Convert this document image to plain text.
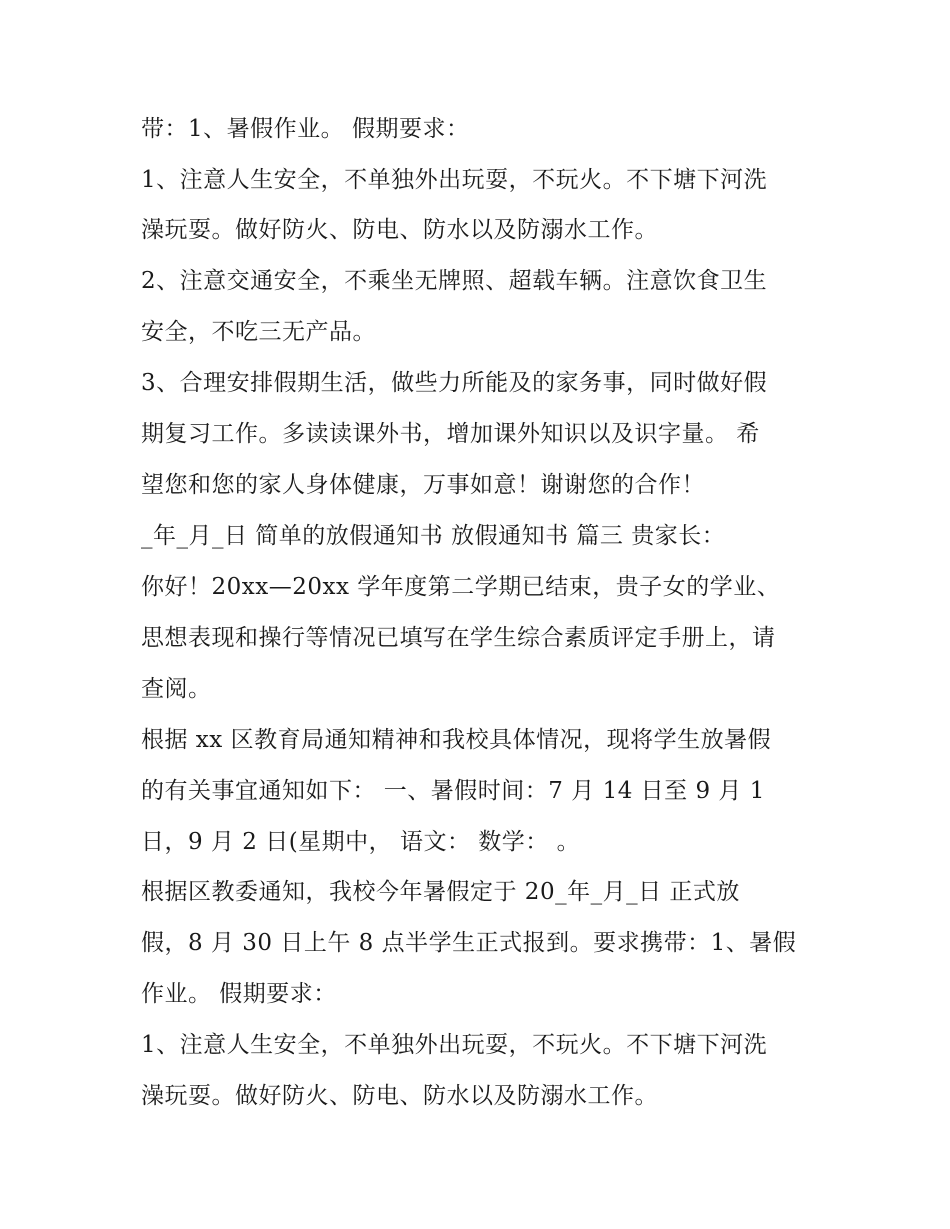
带：1、暑假作业。 假期要求：
1、注意人生安全，不单独外出玩耍，不玩火。不下塘下河洗
澡玩耍。做好防火、防电、防水以及防溺水工作。
2、注意交通安全，不乘坐无牌照、超载车辆。注意饮食卫生
安全，不吃三无产品。
3、合理安排假期生活，做些力所能及的家务事，同时做好假
期复习工作。多读读课外书，增加课外知识以及识字量。 希
望您和您的家人身体健康，万事如意！谢谢您的合作！
_年_月_日 简单的放假通知书 放假通知书 篇三 贵家长：
你好！20xx—20xx 学年度第二学期已结束，贵子女的学业、
思想表现和操行等情况已填写在学生综合素质评定手册上，请
查阅。
根据 xx 区教育局通知精神和我校具体情况，现将学生放暑假
的有关事宜通知如下： 一、暑假时间：7 月 14 日至 9 月 1
日，9 月 2 日(星期中， 语文： 数学： 。
根据区教委通知，我校今年暑假定于 20_年_月_日 正式放
假，8 月 30 日上午 8 点半学生正式报到。要求携带：1、暑假
作业。 假期要求：
1、注意人生安全，不单独外出玩耍，不玩火。不下塘下河洗
澡玩耍。做好防火、防电、防水以及防溺水工作。
